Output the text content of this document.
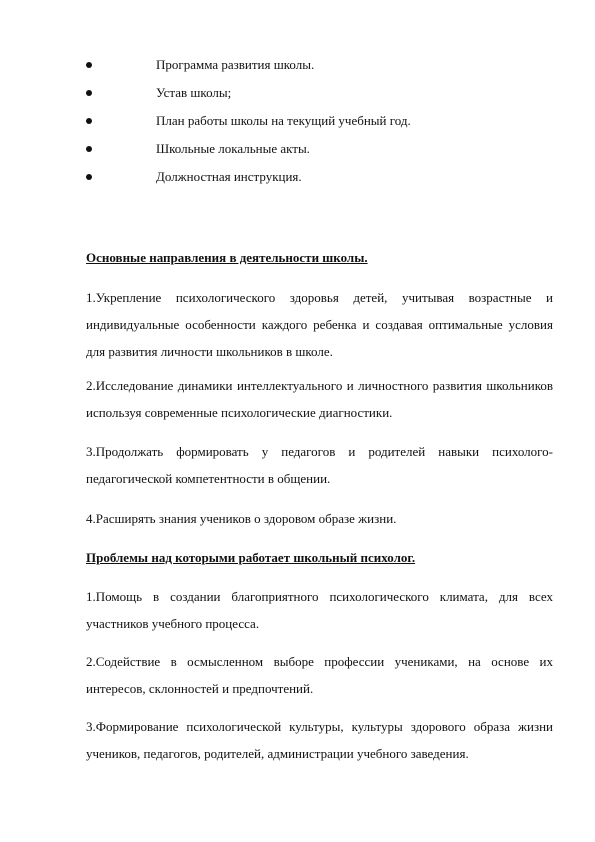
Программа развития школы.
Устав школы;
План работы школы на текущий учебный год.
Школьные локальные акты.
Должностная инструкция.
Основные направления в деятельности школы.
1.Укрепление психологического здоровья детей, учитывая возрастные и индивидуальные особенности каждого ребенка и создавая оптимальные условия для развития личности школьников в школе.
2.Исследование динамики интеллектуального и личностного развития школьников используя современные психологические диагностики.
3.Продолжать формировать у педагогов и родителей навыки психолого-педагогической компетентности в общении.
4.Расширять знания учеников о здоровом образе жизни.
Проблемы над которыми работает школьный психолог.
1.Помощь в создании благоприятного психологического климата, для всех участников учебного процесса.
2.Содействие в осмысленном выборе профессии учениками, на основе их интересов, склонностей и предпочтений.
3.Формирование психологической культуры, культуры здорового образа жизни учеников, педагогов, родителей, администрации учебного заведения.
